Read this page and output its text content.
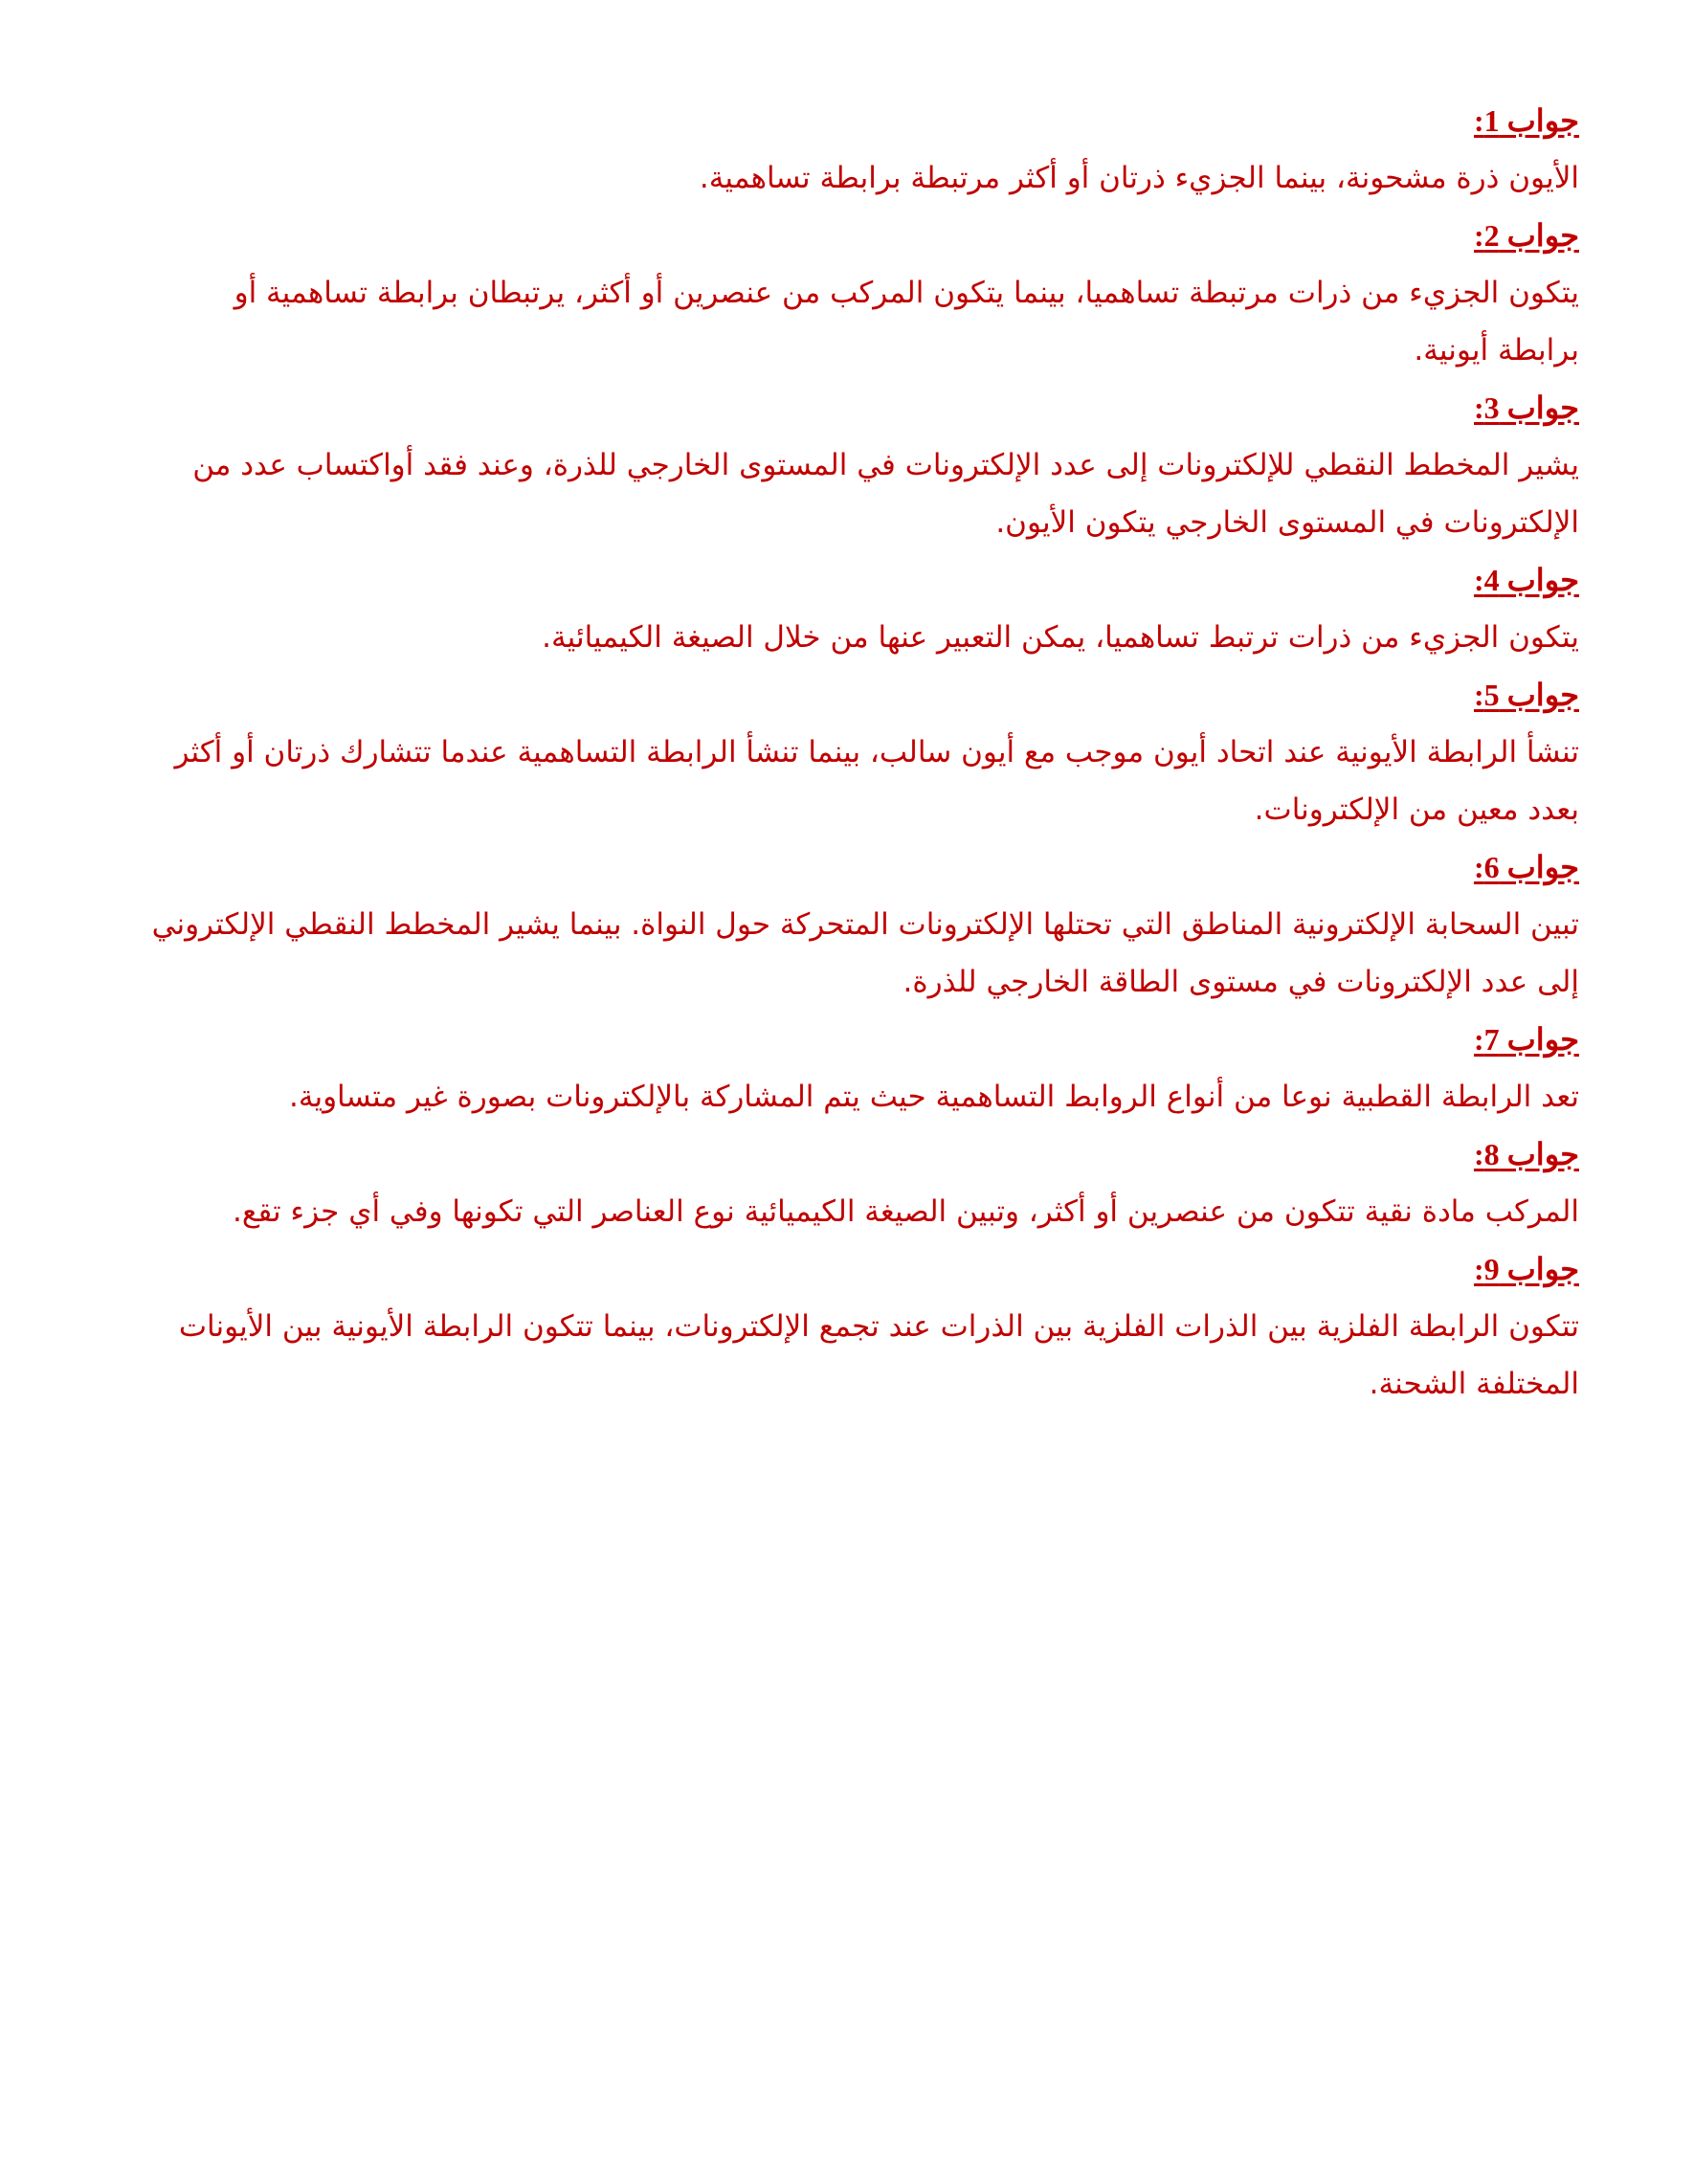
جواب 1:

الأيون ذرة مشحونة، بينما الجزيء ذرتان أو أكثر مرتبطة برابطة تساهمية.

جواب 2:

يتكون الجزيء من ذرات مرتبطة تساهميا، بينما يتكون المركب من عنصرين أو أكثر، يرتبطان برابطة تساهمية أو برابطة أيونية.

جواب 3:

يشير المخطط النقطي للإلكترونات إلى عدد الإلكترونات في المستوى الخارجي للذرة، وعند فقد أواكتساب عدد من الإلكترونات في المستوى الخارجي يتكون الأيون.

جواب 4:

يتكون الجزيء من ذرات ترتبط تساهميا، يمكن التعبير عنها من خلال الصيغة الكيميائية.

جواب 5:

تنشأ الرابطة الأيونية عند اتحاد أيون موجب مع أيون سالب، بينما تنشأ الرابطة التساهمية عندما تتشارك ذرتان أو أكثر بعدد معين من الإلكترونات.

جواب 6:

تبين السحابة الإلكترونية المناطق التي تحتلها الإلكترونات المتحركة حول النواة. بينما يشير المخطط النقطي الإلكتروني إلى عدد الإلكترونات في مستوى الطاقة الخارجي للذرة.

جواب 7:

تعد الرابطة القطبية نوعا من أنواع الروابط التساهمية حيث يتم المشاركة بالإلكترونات بصورة غير متساوية.

جواب 8:

المركب مادة نقية تتكون من عنصرين أو أكثر، وتبين الصيغة الكيميائية نوع العناصر التي تكونها وفي أي جزء تقع.

جواب 9:

تتكون الرابطة الفلزية بين الذرات الفلزية بين الذرات عند تجمع الإلكترونات، بينما تتكون الرابطة الأيونية بين الأيونات المختلفة الشحنة.
